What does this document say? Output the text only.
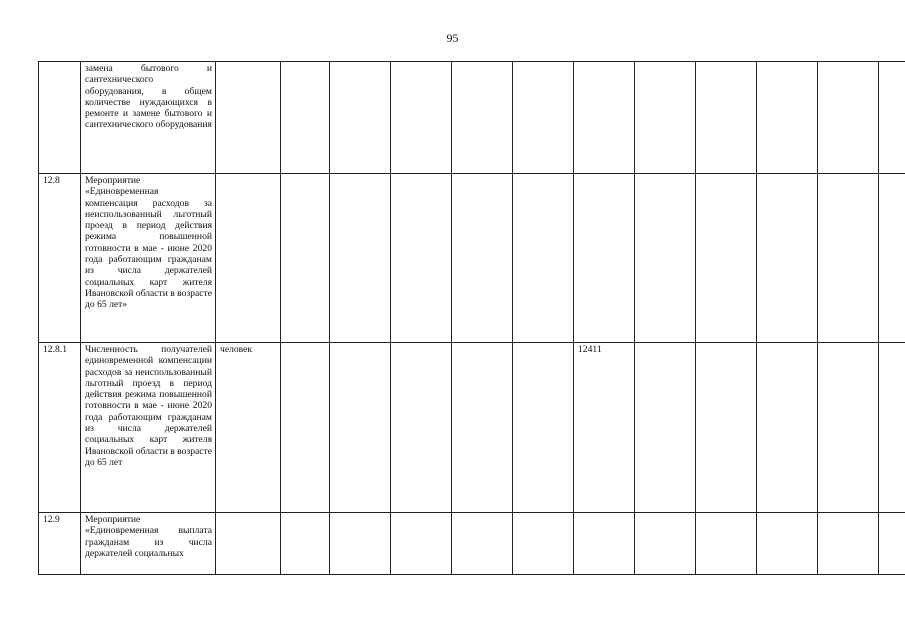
95
	замена бытового и сантехнического оборудования, в общем количестве нуждающихся в ремонте и замене бытового и сантехнического оборудования												
12.8	Мероприятие «Единовременная компенсация расходов за неиспользованный льготный проезд в период действия режима повышенной готовности в мае - июне 2020 года работающим гражданам из числа держателей социальных карт жителя Ивановской области в возрасте до 65 лет»												
12.8.1	Численность получателей единовременной компенсации расходов за неиспользованный льготный проезд в период действия режима повышенной готовности в мае - июне 2020 года работающим гражданам из числа держателей социальных карт жителя Ивановской области в возрасте до 65 лет	человек						12411					
12.9	Мероприятие «Единовременная выплата гражданам из числа держателей социальных												
